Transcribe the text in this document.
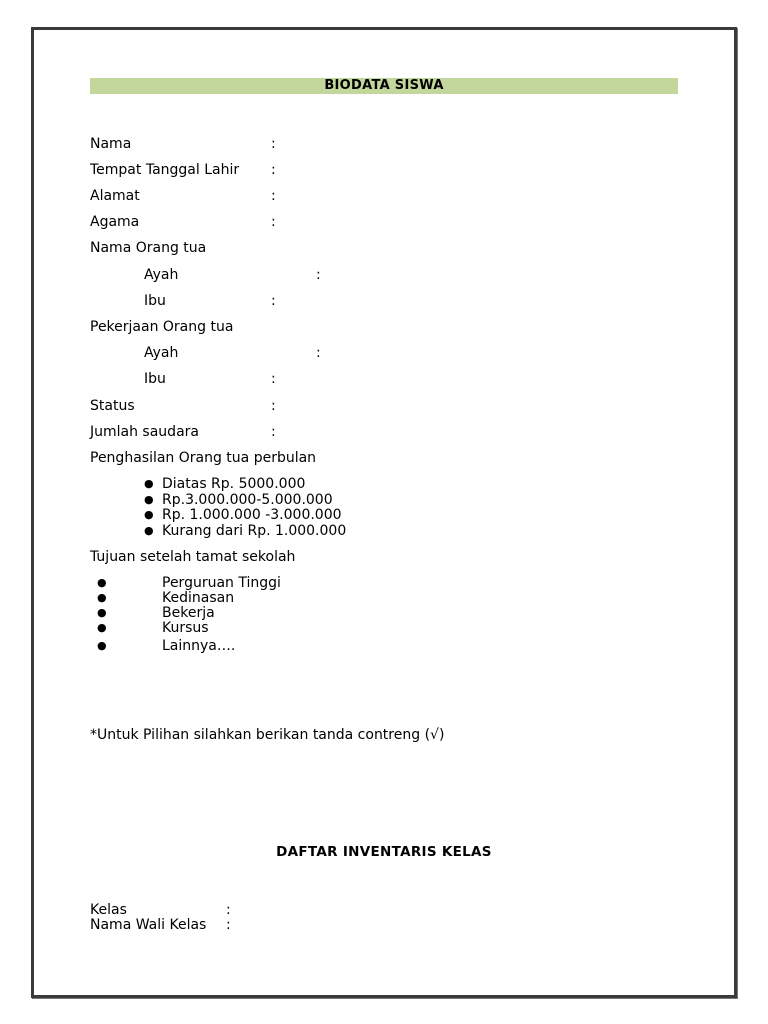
BIODATA SISWA
Nama	:
Tempat Tanggal Lahir :
Alamat	:
Agama	:
Nama Orang tua
Ayah	:
Ibu	:
Pekerjaan Orang tua
Ayah	:
Ibu	:
Status	:
Jumlah saudara	:
Penghasilan Orang tua perbulan
● Diatas Rp. 5000.000
● Rp.3.000.000-5.000.000
● Rp. 1.000.000 -3.000.000
● Kurang dari Rp. 1.000.000
Tujuan setelah tamat sekolah
●	Perguruan Tinggi
●	Kedinasan
●	Bekerja
●	Kursus
●	Lainnya….
*Untuk Pilihan silahkan berikan tanda contreng (√)
DAFTAR INVENTARIS KELAS
Kelas	:
Nama Wali Kelas :
